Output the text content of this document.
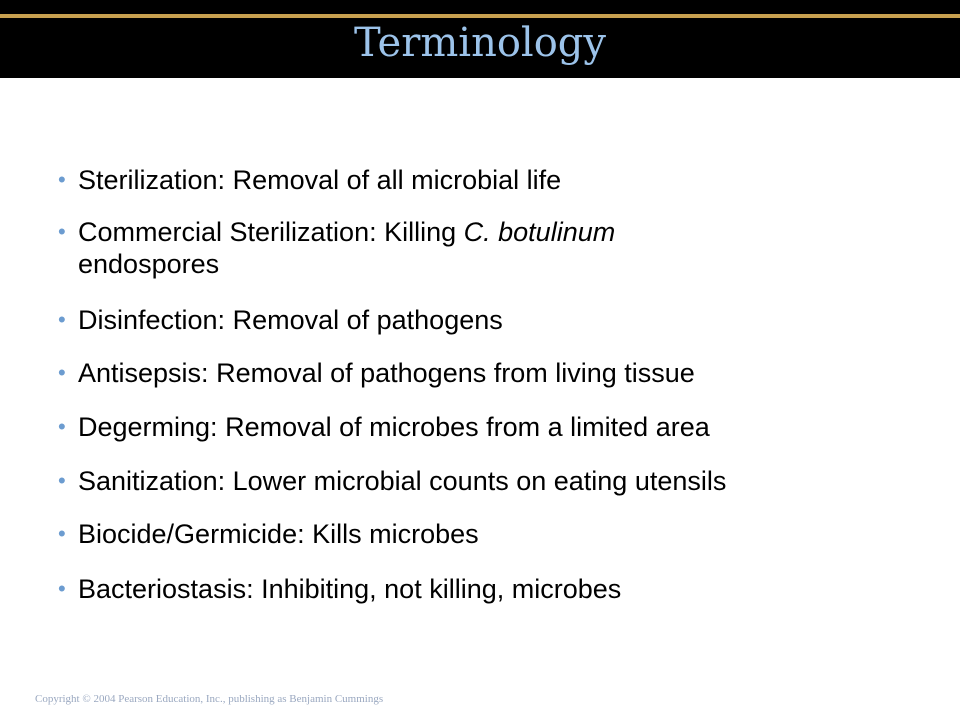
Terminology
• Sterilization: Removal of all microbial life
• Commercial Sterilization: Killing C. botulinum
endospores
• Disinfection: Removal of pathogens
• Antisepsis: Removal of pathogens from living tissue
• Degerming: Removal of microbes from a limited area
• Sanitization: Lower microbial counts on eating utensils
• Biocide/Germicide: Kills microbes
• Bacteriostasis: Inhibiting, not killing, microbes
Copyright © 2004 Pearson Education, Inc., publishing as Benjamin Cummings
